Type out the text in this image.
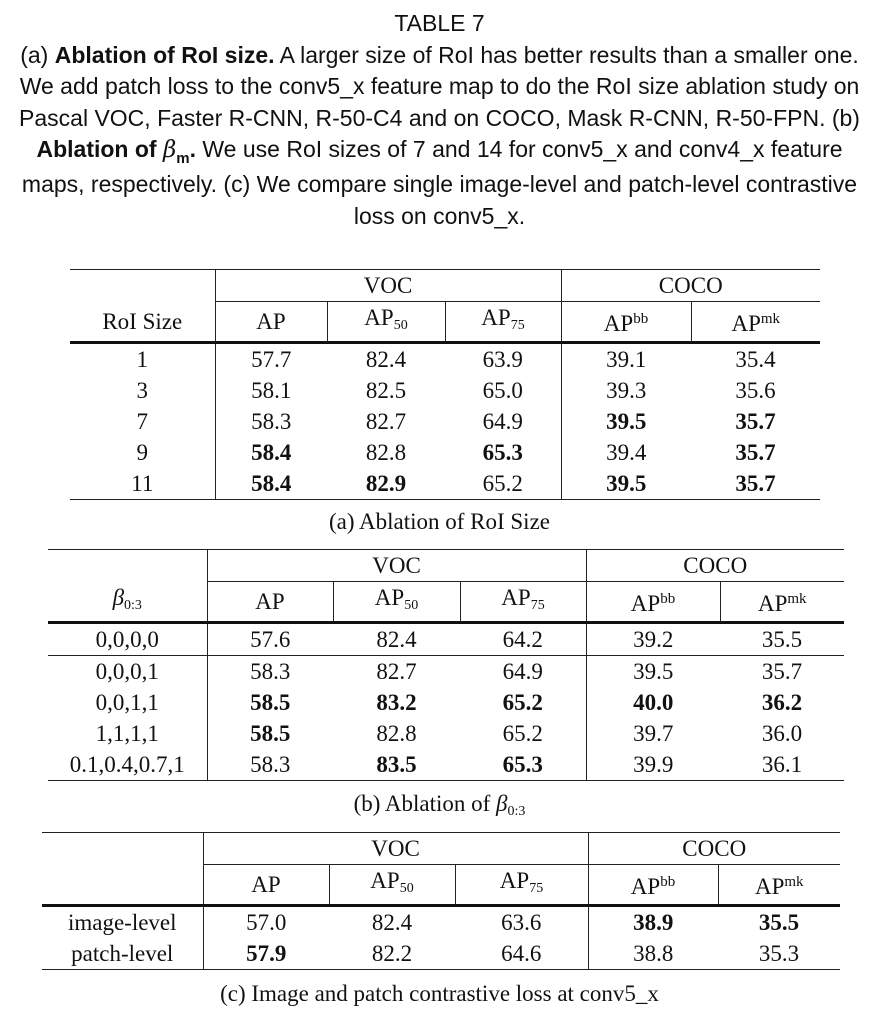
TABLE 7
(a) Ablation of RoI size. A larger size of RoI has better results than a smaller one. We add patch loss to the conv5_x feature map to do the RoI size ablation study on Pascal VOC, Faster R-CNN, R-50-C4 and on COCO, Mask R-CNN, R-50-FPN. (b) Ablation of $\beta_m$. We use RoI sizes of 7 and 14 for conv5_x and conv4_x feature maps, respectively. (c) We compare single image-level and patch-level contrastive loss on conv5_x.
	VOC			COCO	
RoI Size	AP	$AP_{50}$	$AP_{75}$	$AP^{bb}$	$AP^{mk}$
1	57.7	82.4	63.9	39.1	35.4
3	58.1	82.5	65.0	39.3	35.6
7	58.3	82.7	64.9	39.5	35.7
9	58.4	82.8	65.3	39.4	35.7
11	58.4	82.9	65.2	39.5	35.7
(a) Ablation of RoI Size
	VOC			COCO	
$\beta_{0:3}$	AP	$AP_{50}$	$AP_{75}$	$AP^{bb}$	$AP^{mk}$
0,0,0,0	57.6	82.4	64.2	39.2	35.5
0,0,0,1	58.3	82.7	64.9	39.5	35.7
0,0,1,1	58.5	83.2	65.2	40.0	36.2
1,1,1,1	58.5	82.8	65.2	39.7	36.0
0.1,0.4,0.7,1	58.3	83.5	65.3	39.9	36.1
(b) Ablation of $\beta_{0:3}$
	VOC			COCO	
	AP	$AP_{50}$	$AP_{75}$	$AP^{bb}$	$AP^{mk}$
image-level	57.0	82.4	63.6	38.9	35.5
patch-level	57.9	82.2	64.6	38.8	35.3
(c) Image and patch contrastive loss at conv5_x
